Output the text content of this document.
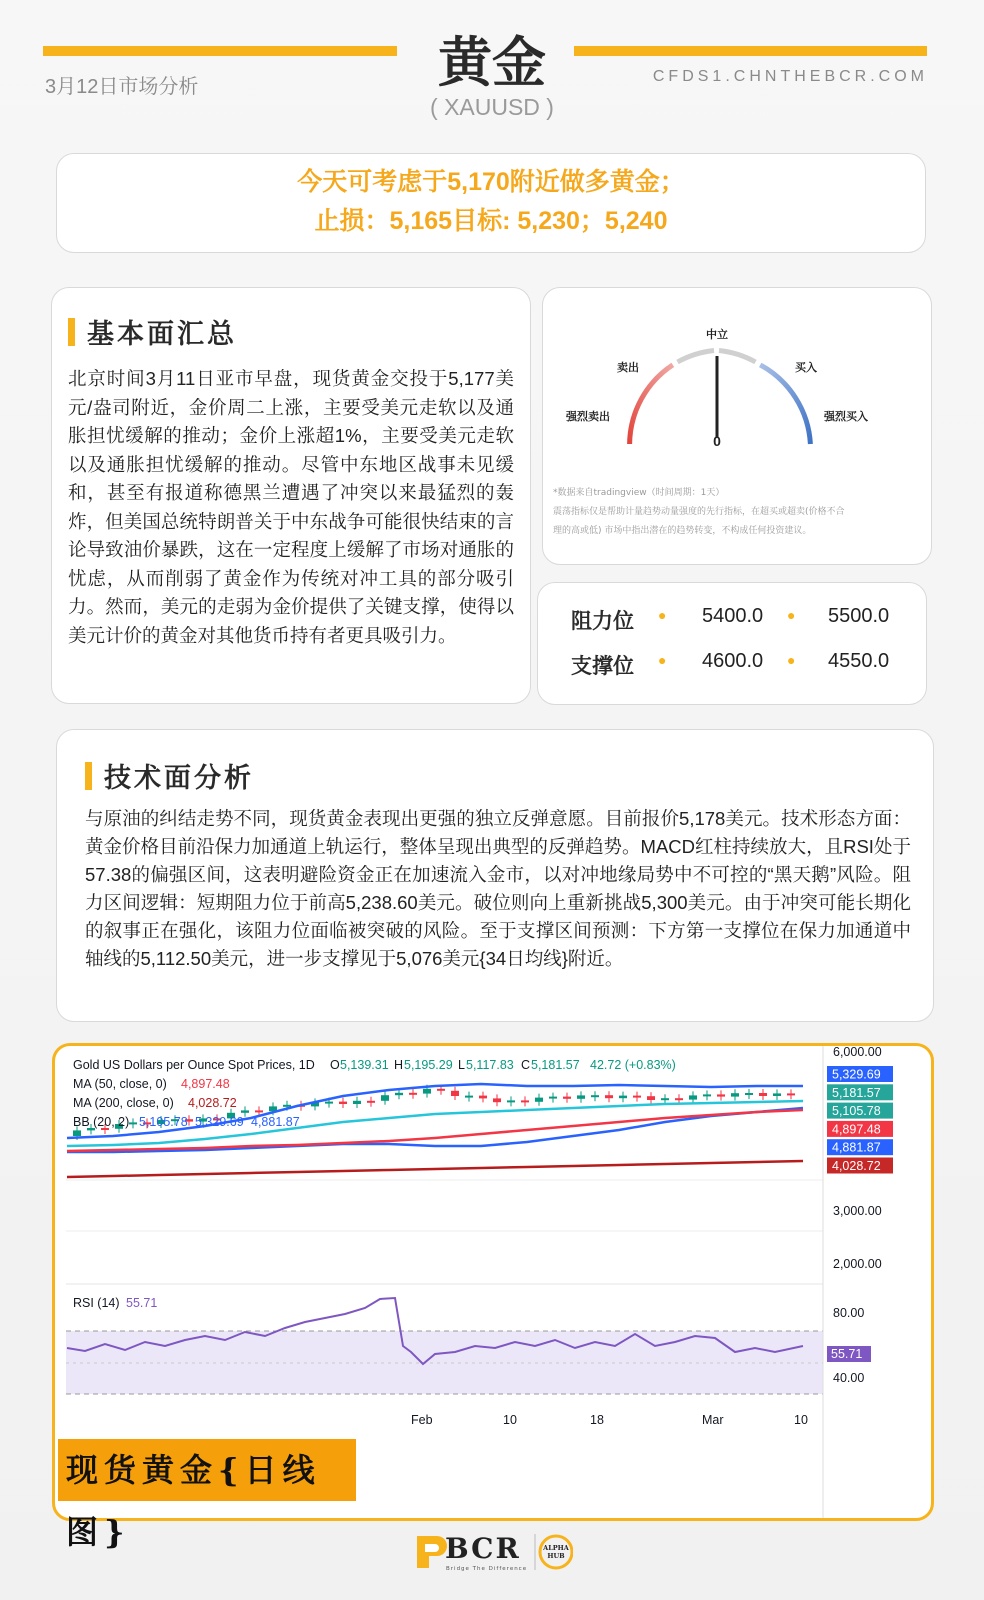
3月12日市场分析	黄金
( XAUUSD )
CFDS1.CHNTHEBCR.COM
今天可考虑于5,170附近做多黄金；
止损：5,165目标: 5,230；5,240
基本面汇总

北京时间3月11日亚市早盘，现货黄金交投于5,177美元/盎司附近，金价周二上涨，主要受美元走软以及通胀担忧缓解的推动；金价上涨超1%，主要受美元走软以及通胀担忧缓解的推动。尽管中东地区战事未见缓和，甚至有报道称德黑兰遭遇了冲突以来最猛烈的轰炸，但美国总统特朗普关于中东战争可能很快结束的言论导致油价暴跌，这在一定程度上缓解了市场对通胀的忧虑，从而削弱了黄金作为传统对冲工具的部分吸引力。然而，美元的走弱为金价提供了关键支撑，使得以美元计价的黄金对其他货币持有者更具吸引力。

0
中立
卖出	买入
强烈卖出	强烈买入
*数据来自tradingview（时间周期：1天）
震荡指标仅是帮助计量趋势动量强度的先行指标，在超买或超卖(价格不合
理的高或低) 市场中指出潜在的趋势转变，不构成任何投资建议。
阻力位 ● 5400.0 ● 5500.0
支撑位 ● 4600.0 ● 4550.0
技术面分析

与原油的纠结走势不同，现货黄金表现出更强的独立反弹意愿。目前报价5,178美元。技术形态方面：黄金价格目前沿保力加通道上轨运行，整体呈现出典型的反弹趋势。MACD红柱持续放大，且RSI处于57.38的偏强区间，这表明避险资金正在加速流入金市，以对冲地缘局势中不可控的“黑天鹅”风险。阻力区间逻辑：短期阻力位于前高5,238.60美元。破位则向上重新挑战5,300美元。由于冲突可能长期化的叙事正在强化，该阻力位面临被突破的风险。至于支撑区间预测：下方第一支撑位在保力加通道中轴线的5,112.50美元，进一步支撑见于5,076美元{34日均线}附近。

Gold US Dollars per Ounce Spot Prices, 1D O 5,139.31 H 5,195.29 L 5,117.83 C 5,181.57 42.72 (+0.83%)
MA (50, close, 0) 4,897.48
MA (200, close, 0) 4,028.72
BB (20, 2) 5,105.78 5,329.69 4,881.87
RSI (14) 55.71
6,000.00
3,000.00
2,000.00
80.00
40.00
5,329.69
5,181.57
5,105.78
4,897.48
4,881.87
4,028.72
55.71
Feb	10	18	Mar	10
现货黄金{日线图}	BCR
Bridge The Difference
ALPHA
HUB
